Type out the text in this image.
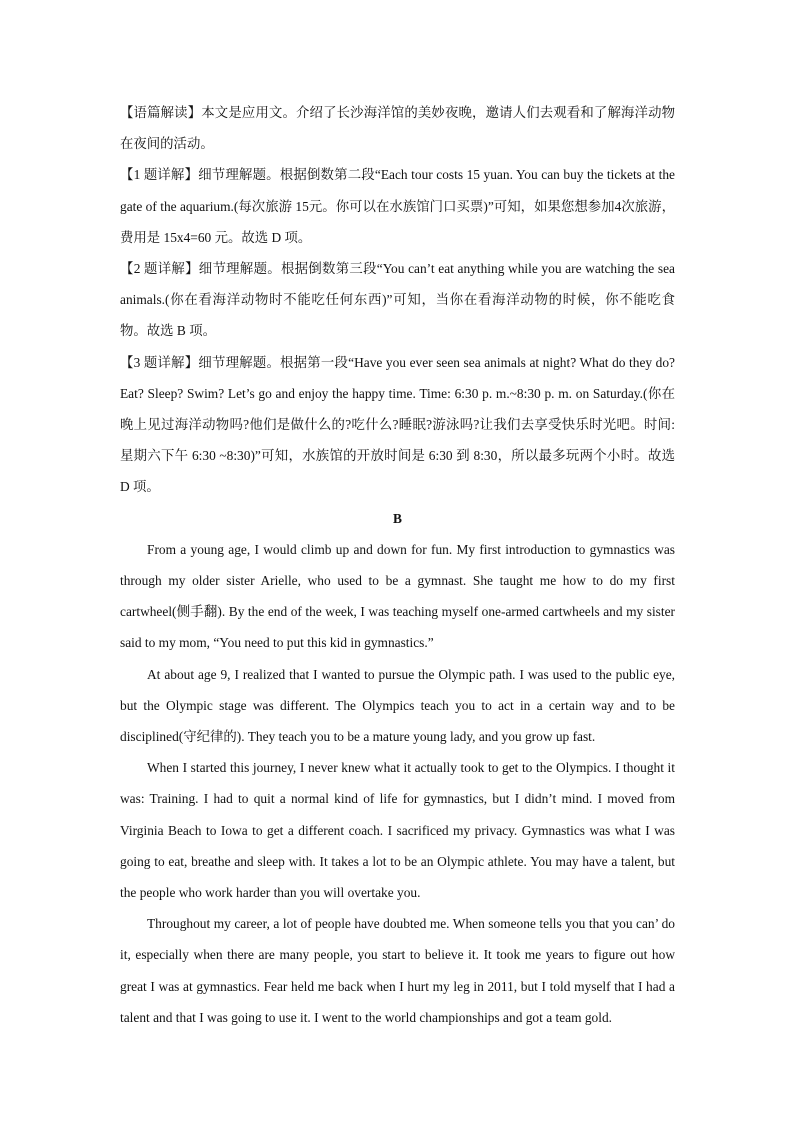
【语篇解读】本文是应用文。介绍了长沙海洋馆的美妙夜晚，邀请人们去观看和了解海洋动物在夜间的活动。

【1 题详解】细节理解题。根据倒数第二段“Each tour costs 15 yuan. You can buy the tickets at the gate of the aquarium.(每次旅游 15元。你可以在水族馆门口买票)”可知，如果您想参加4次旅游，费用是 15x4=60 元。故选 D 项。

【2 题详解】细节理解题。根据倒数第三段“You can’t eat anything while you are watching the sea animals.(你在看海洋动物时不能吃任何东西)”可知，当你在看海洋动物的时候，你不能吃食物。故选 B 项。

【3 题详解】细节理解题。根据第一段“Have you ever seen sea animals at night? What do they do? Eat? Sleep? Swim? Let’s go and enjoy the happy time. Time: 6:30 p. m.~8:30 p. m. on Saturday.(你在晚上见过海洋动物吗?他们是做什么的?吃什么?睡眠?游泳吗?让我们去享受快乐时光吧。时间: 星期六下午 6:30 ~8:30)”可知，水族馆的开放时间是 6:30 到 8:30，所以最多玩两个小时。故选 D 项。

B

From a young age, I would climb up and down for fun. My first introduction to gymnastics was through my older sister Arielle, who used to be a gymnast. She taught me how to do my first cartwheel(侧手翻). By the end of the week, I was teaching myself one-armed cartwheels and my sister said to my mom, “You need to put this kid in gymnastics.”

At about age 9, I realized that I wanted to pursue the Olympic path. I was used to the public eye, but the Olympic stage was different. The Olympics teach you to act in a certain way and to be disciplined(守纪律的). They teach you to be a mature young lady, and you grow up fast.

When I started this journey, I never knew what it actually took to get to the Olympics. I thought it was: Training. I had to quit a normal kind of life for gymnastics, but I didn’t mind. I moved from Virginia Beach to Iowa to get a different coach. I sacrificed my privacy. Gymnastics was what I was going to eat, breathe and sleep with. It takes a lot to be an Olympic athlete. You may have a talent, but the people who work harder than you will overtake you.

Throughout my career, a lot of people have doubted me. When someone tells you that you can’ do it, especially when there are many people, you start to believe it. It took me years to figure out how great I was at gymnastics. Fear held me back when I hurt my leg in 2011, but I told myself that I had a talent and that I was going to use it. I went to the world championships and got a team gold.
